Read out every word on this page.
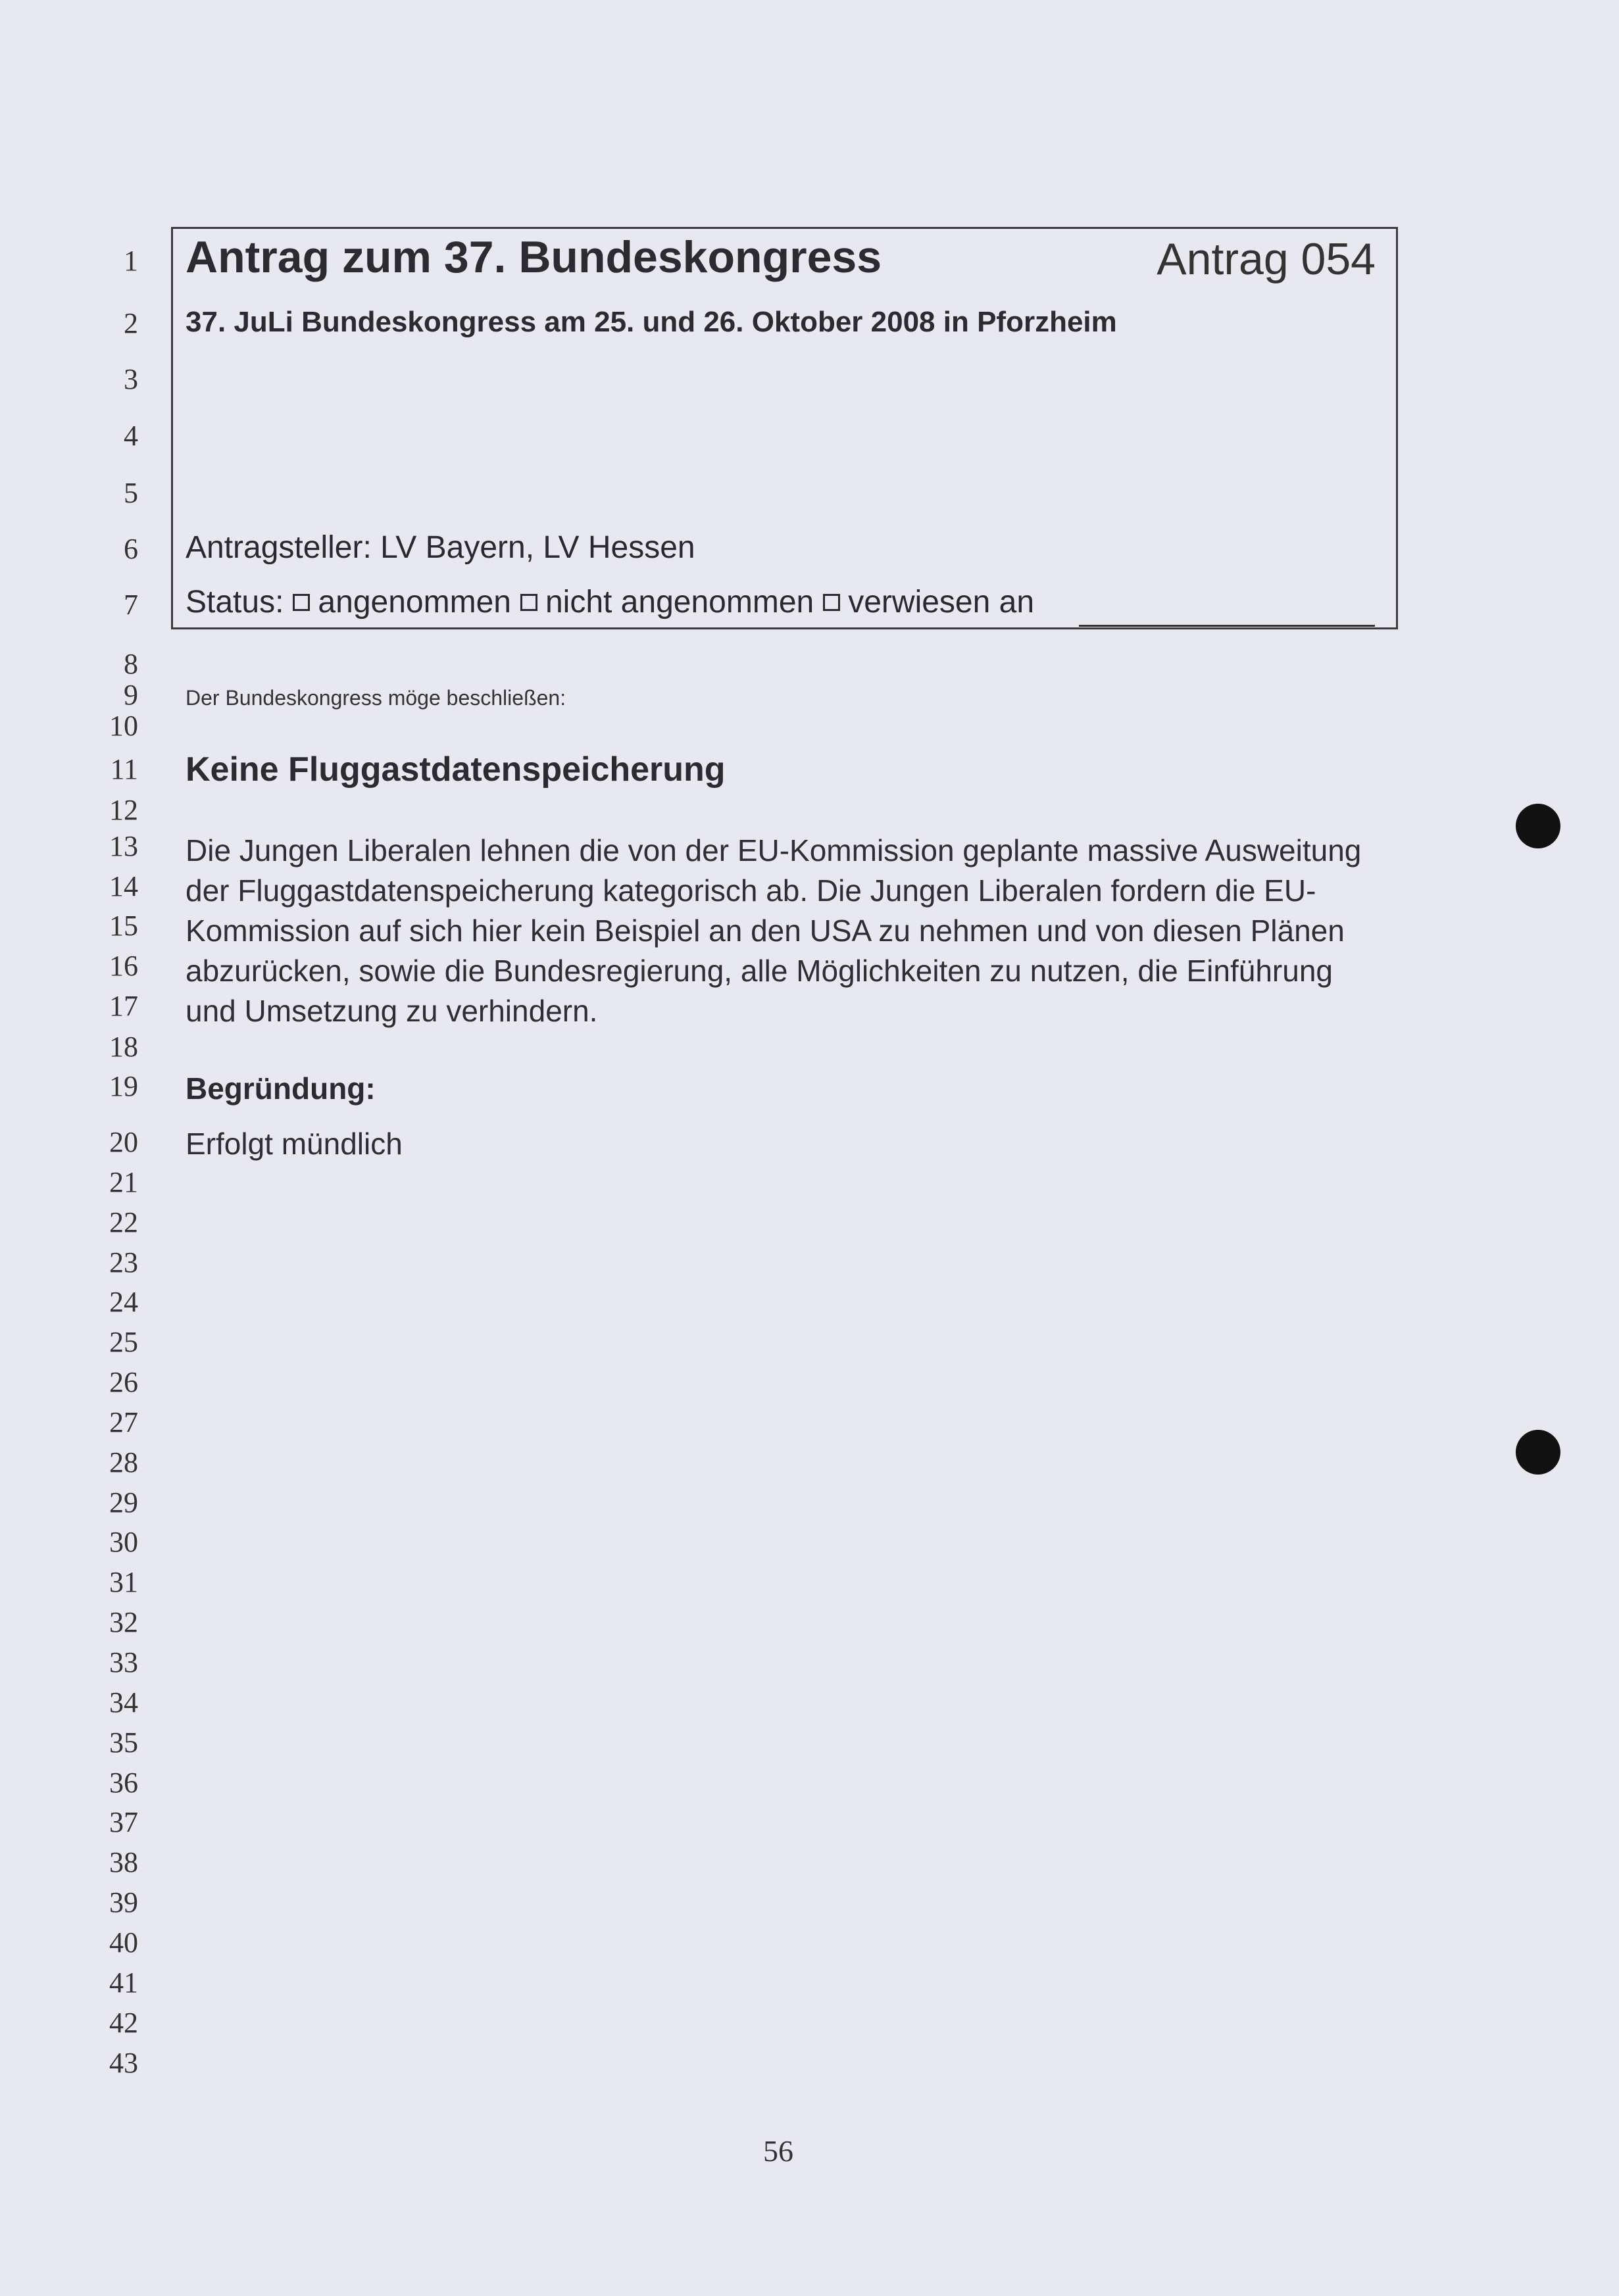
1
2
3
4
5
6
7
8
9
10
11
12
13
14
15
16
17
18
19
20
21
22
23
24
25
26
27
28
29
30
31
32
33
34
35
36
37
38
39
40
41
42
43
Antrag zum 37. Bundeskongress	Antrag 054
37. JuLi Bundeskongress am 25. und 26. Oktober 2008 in Pforzheim
Antragsteller: LV Bayern, LV Hessen
Status: angenommen nicht angenommen verwiesen an
Der Bundeskongress möge beschließen:
Keine Fluggastdatenspeicherung
Die Jungen Liberalen lehnen die von der EU-Kommission geplante massive Ausweitung
der Fluggastdatenspeicherung kategorisch ab. Die Jungen Liberalen fordern die EU-
Kommission auf sich hier kein Beispiel an den USA zu nehmen und von diesen Plänen
abzurücken, sowie die Bundesregierung, alle Möglichkeiten zu nutzen, die Einführung
und Umsetzung zu verhindern.
Begründung:
Erfolgt mündlich
56
